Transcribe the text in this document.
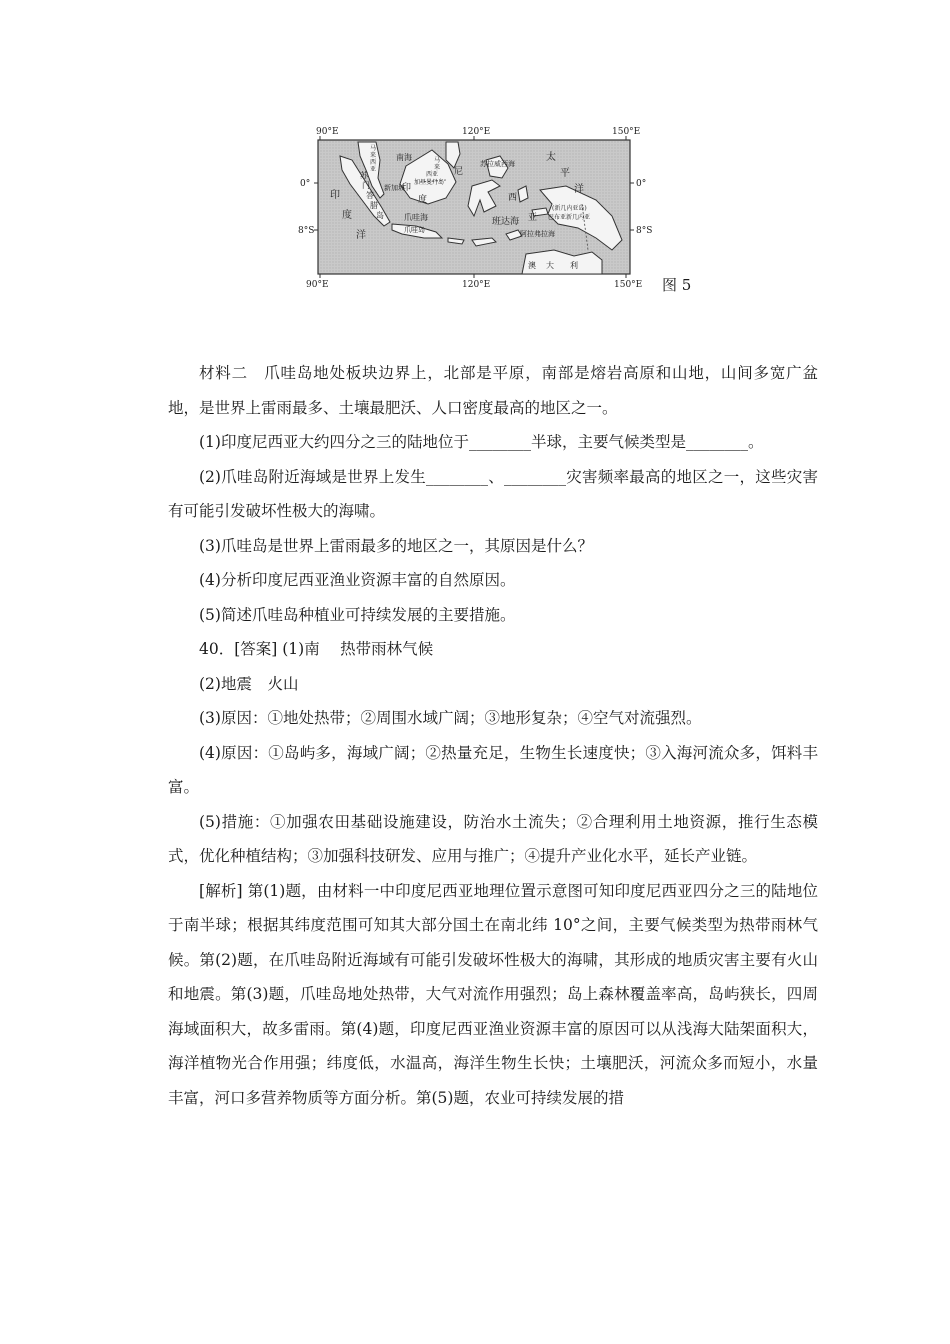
90°E	120°E	150°E
90°E	120°E	150°E
0°
8°S
0°
8°S
南海
马
来
西
亚
苏
门
答
腊
岛
新加坡
马
来
西 亚
加里曼丹岛
印
度
尼
西
亚
印
度
洋
爪哇海
爪哇岛
苏拉威西海
太
平
洋
班达海
(新几内亚岛)
巴布亚新几内亚
阿拉弗拉海
澳 大 利
图 5

材料二　爪哇岛地处板块边界上，北部是平原，南部是熔岩高原和山地，山间多宽广盆地，是世界上雷雨最多、土壤最肥沃、人口密度最高的地区之一。

(1)印度尼西亚大约四分之三的陆地位于________半球，主要气候类型是________。

(2)爪哇岛附近海域是世界上发生________、________灾害频率最高的地区之一，这些灾害有可能引发破坏性极大的海啸。

(3)爪哇岛是世界上雷雨最多的地区之一，其原因是什么？

(4)分析印度尼西亚渔业资源丰富的自然原因。

(5)简述爪哇岛种植业可持续发展的主要措施。

40．[答案] (1)南　 热带雨林气候

(2)地震　火山

(3)原因：①地处热带；②周围水域广阔；③地形复杂；④空气对流强烈。

(4)原因：①岛屿多，海域广阔；②热量充足，生物生长速度快；③入海河流众多，饵料丰富。

(5)措施：①加强农田基础设施建设，防治水土流失；②合理利用土地资源，推行生态模式，优化种植结构；③加强科技研发、应用与推广；④提升产业化水平，延长产业链。

[解析] 第(1)题，由材料一中印度尼西亚地理位置示意图可知印度尼西亚四分之三的陆地位于南半球；根据其纬度范围可知其大部分国土在南北纬 10°之间，主要气候类型为热带雨林气候。第(2)题，在爪哇岛附近海域有可能引发破坏性极大的海啸，其形成的地质灾害主要有火山和地震。第(3)题，爪哇岛地处热带，大气对流作用强烈；岛上森林覆盖率高，岛屿狭长，四周海域面积大，故多雷雨。第(4)题，印度尼西亚渔业资源丰富的原因可以从浅海大陆架面积大，海洋植物光合作用强；纬度低，水温高，海洋生物生长快；土壤肥沃，河流众多而短小，水量丰富，河口多营养物质等方面分析。第(5)题，农业可持续发展的措
